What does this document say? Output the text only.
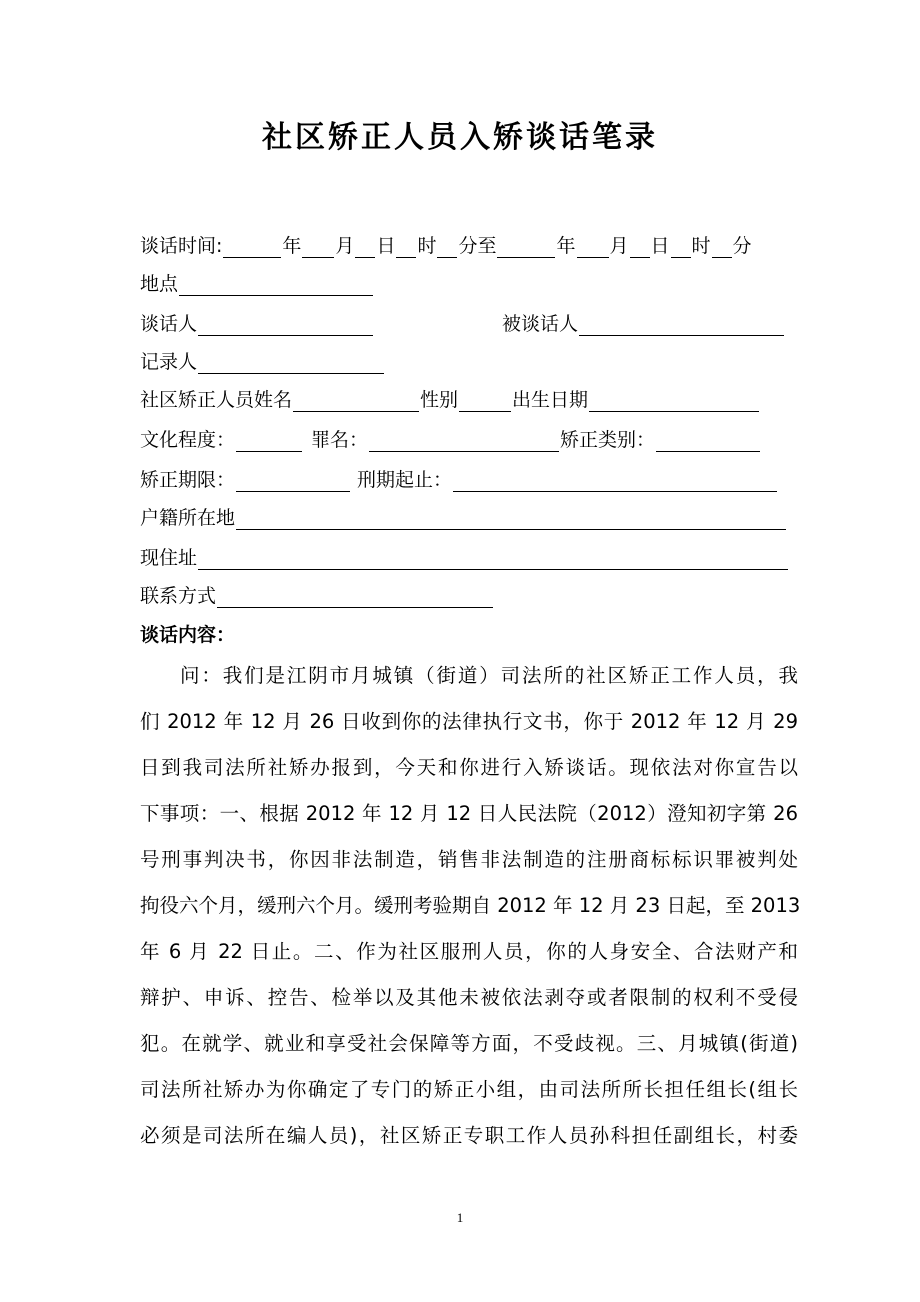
社区矫正人员入矫谈话笔录
谈话时间:	年 月 日 时 分至	年 月 日 时 分
地点
谈话人	被谈话人
记录人
社区矫正人员姓名	性别	出生日期
文化程度：	罪名：	矫正类别：
矫正期限：	刑期起止：
户籍所在地
现住址
联系方式
谈话内容：
问：我们是江阴市月城镇（街道）司法所的社区矫正工作人员，我
们 2012 年 12 月 26 日收到你的法律执行文书，你于 2012 年 12 月 29
日到我司法所社矫办报到，今天和你进行入矫谈话。现依法对你宣告以
下事项：一、根据 2012 年 12 月 12 日人民法院（2012）澄知初字第 26
号刑事判决书，你因非法制造，销售非法制造的注册商标标识罪被判处
拘役六个月，缓刑六个月。缓刑考验期自 2012 年 12 月 23 日起，至 2013
年 6 月 22 日止。二、作为社区服刑人员，你的人身安全、合法财产和
辩护、申诉、控告、检举以及其他未被依法剥夺或者限制的权利不受侵
犯。在就学、就业和享受社会保障等方面，不受歧视。三、月城镇(街道)
司法所社矫办为你确定了专门的矫正小组，由司法所所长担任组长(组长
必须是司法所在编人员)，社区矫正专职工作人员孙科担任副组长，村委
1
